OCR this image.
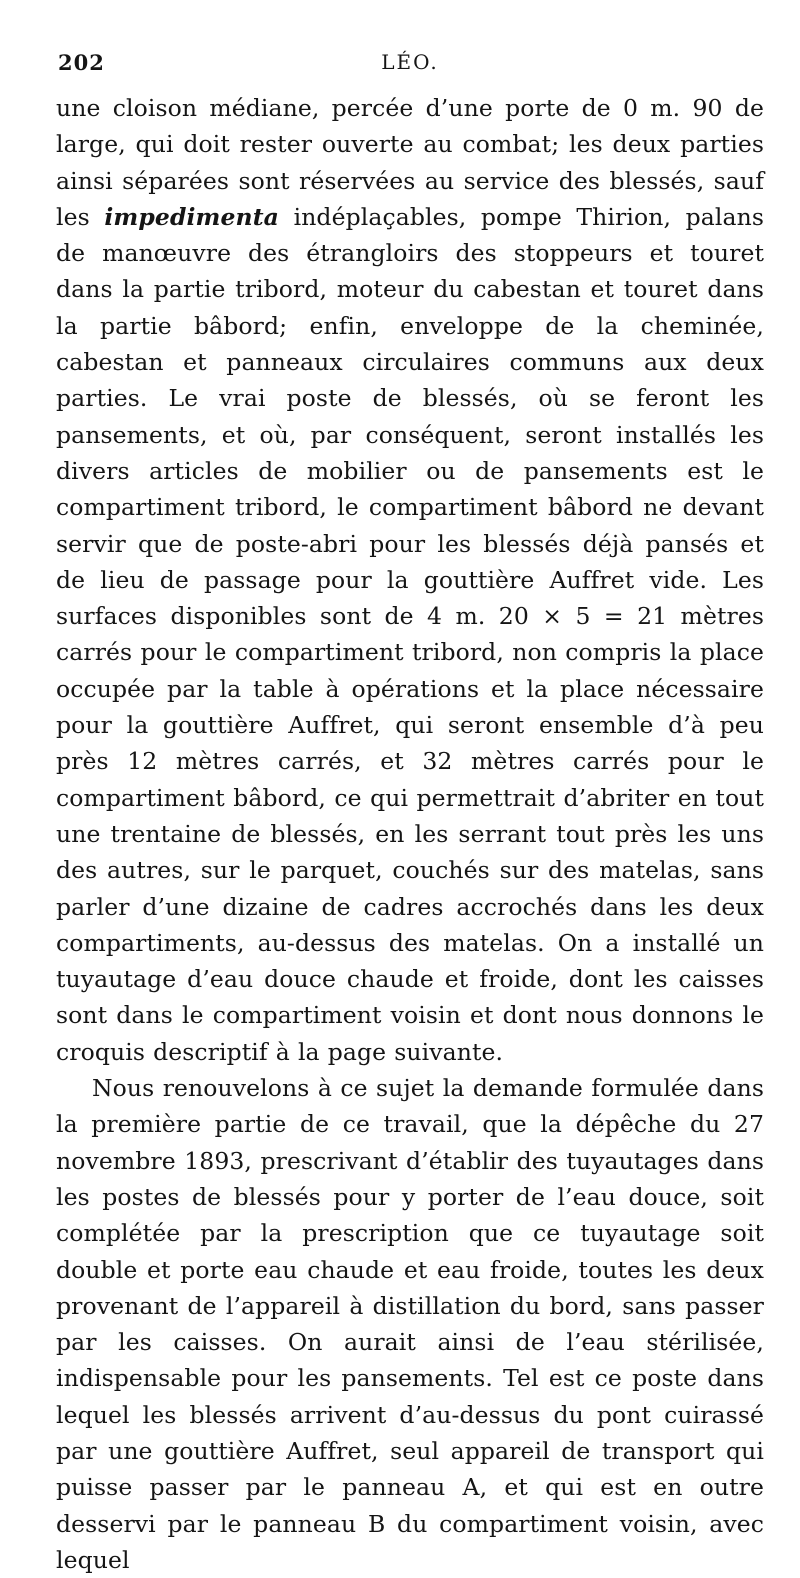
202	LÉO.

une cloison médiane, percée d’une porte de 0 m. 90 de large, qui doit rester ouverte au combat; les deux parties ainsi séparées sont réservées au service des blessés, sauf les impedimenta indéplaçables, pompe Thirion, palans de manœuvre des étrangloirs des stoppeurs et touret dans la partie tribord, moteur du cabestan et touret dans la partie bâbord; enfin, enveloppe de la cheminée, cabestan et panneaux circulaires communs aux deux parties. Le vrai poste de blessés, où se feront les pansements, et où, par conséquent, seront installés les divers articles de mobilier ou de pansements est le compartiment tribord, le compartiment bâbord ne devant servir que de poste-abri pour les blessés déjà pansés et de lieu de passage pour la gouttière Auffret vide. Les surfaces disponibles sont de 4 m. 20 × 5 = 21 mètres carrés pour le compartiment tribord, non compris la place occupée par la table à opérations et la place nécessaire pour la gouttière Auffret, qui seront ensemble d’à peu près 12 mètres carrés, et 32 mètres carrés pour le compartiment bâbord, ce qui permettrait d’abriter en tout une trentaine de blessés, en les serrant tout près les uns des autres, sur le parquet, couchés sur des matelas, sans parler d’une dizaine de cadres accrochés dans les deux compartiments, au-dessus des matelas. On a installé un tuyautage d’eau douce chaude et froide, dont les caisses sont dans le compartiment voisin et dont nous donnons le croquis descriptif à la page suivante.

Nous renouvelons à ce sujet la demande formulée dans la première partie de ce travail, que la dépêche du 27 novembre 1893, prescrivant d’établir des tuyautages dans les postes de blessés pour y porter de l’eau douce, soit complétée par la prescription que ce tuyautage soit double et porte eau chaude et eau froide, toutes les deux provenant de l’appareil à distillation du bord, sans passer par les caisses. On aurait ainsi de l’eau stérilisée, indispensable pour les pansements. Tel est ce poste dans lequel les blessés arrivent d’au-dessus du pont cuirassé par une gouttière Auffret, seul appareil de transport qui puisse passer par le panneau A, et qui est en outre desservi par le panneau B du compartiment voisin, avec lequel
